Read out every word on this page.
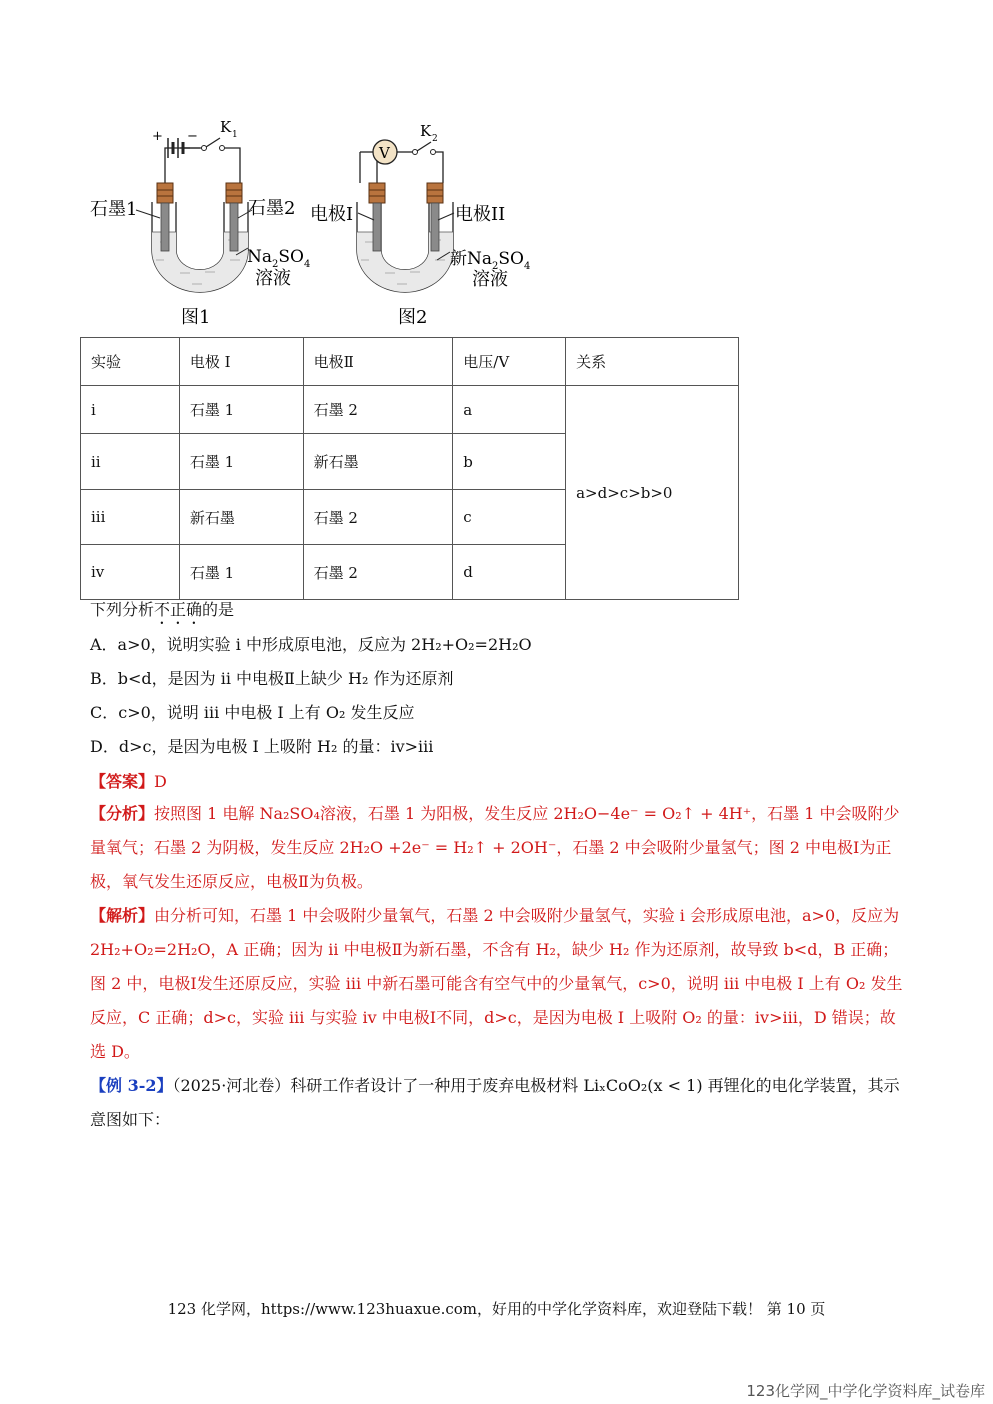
+ −
K 1
石墨1	石墨2
$Na_2SO_4$
溶液
图1
V
K 2
电极I	电极II
新$Na_2SO_4$
溶液
图2
实验	电极 I	电极Ⅱ	电压/V	关系
i	石墨 1	石墨 2	a	a>d>c>b>0
ii	石墨 1	新石墨	b	
iii	新石墨	石墨 2	c	
iv	石墨 1	石墨 2	d	
下列分析不正确的是
A．a>0，说明实验 i 中形成原电池，反应为 2H₂+O₂=2H₂O
B．b<d，是因为 ii 中电极Ⅱ上缺少 H₂ 作为还原剂
C．c>0，说明 iii 中电极 I 上有 O₂ 发生反应
D．d>c，是因为电极 I 上吸附 H₂ 的量：iv>iii
【答案】D
【分析】按照图 1 电解 Na₂SO₄溶液，石墨 1 为阳极，发生反应 2H₂O−4e⁻ = O₂↑ + 4H⁺，石墨 1 中会吸附少量氧气；石墨 2 为阴极，发生反应 2H₂O +2e⁻ = H₂↑ + 2OH⁻，石墨 2 中会吸附少量氢气；图 2 中电极Ⅰ为正极，氧气发生还原反应，电极Ⅱ为负极。
【解析】由分析可知，石墨 1 中会吸附少量氧气，石墨 2 中会吸附少量氢气，实验 i 会形成原电池，a>0，反应为 2H₂+O₂=2H₂O，A 正确；因为 ii 中电极Ⅱ为新石墨，不含有 H₂，缺少 H₂ 作为还原剂，故导致 b<d，B 正确；图 2 中，电极Ⅰ发生还原反应，实验 iii 中新石墨可能含有空气中的少量氧气，c>0，说明 iii 中电极 I 上有 O₂ 发生反应，C 正确；d>c，实验 iii 与实验 iv 中电极Ⅰ不同，d>c，是因为电极 I 上吸附 O₂ 的量：iv>iii，D 错误；故选 D。
【例 3-2】（2025·河北卷）科研工作者设计了一种用于废弃电极材料 LiₓCoO₂(x < 1) 再锂化的电化学装置，其示意图如下：
123 化学网，https://www.123huaxue.com，好用的中学化学资料库，欢迎登陆下载！ 第 10 页
123化学网_中学化学资料库_试卷库
